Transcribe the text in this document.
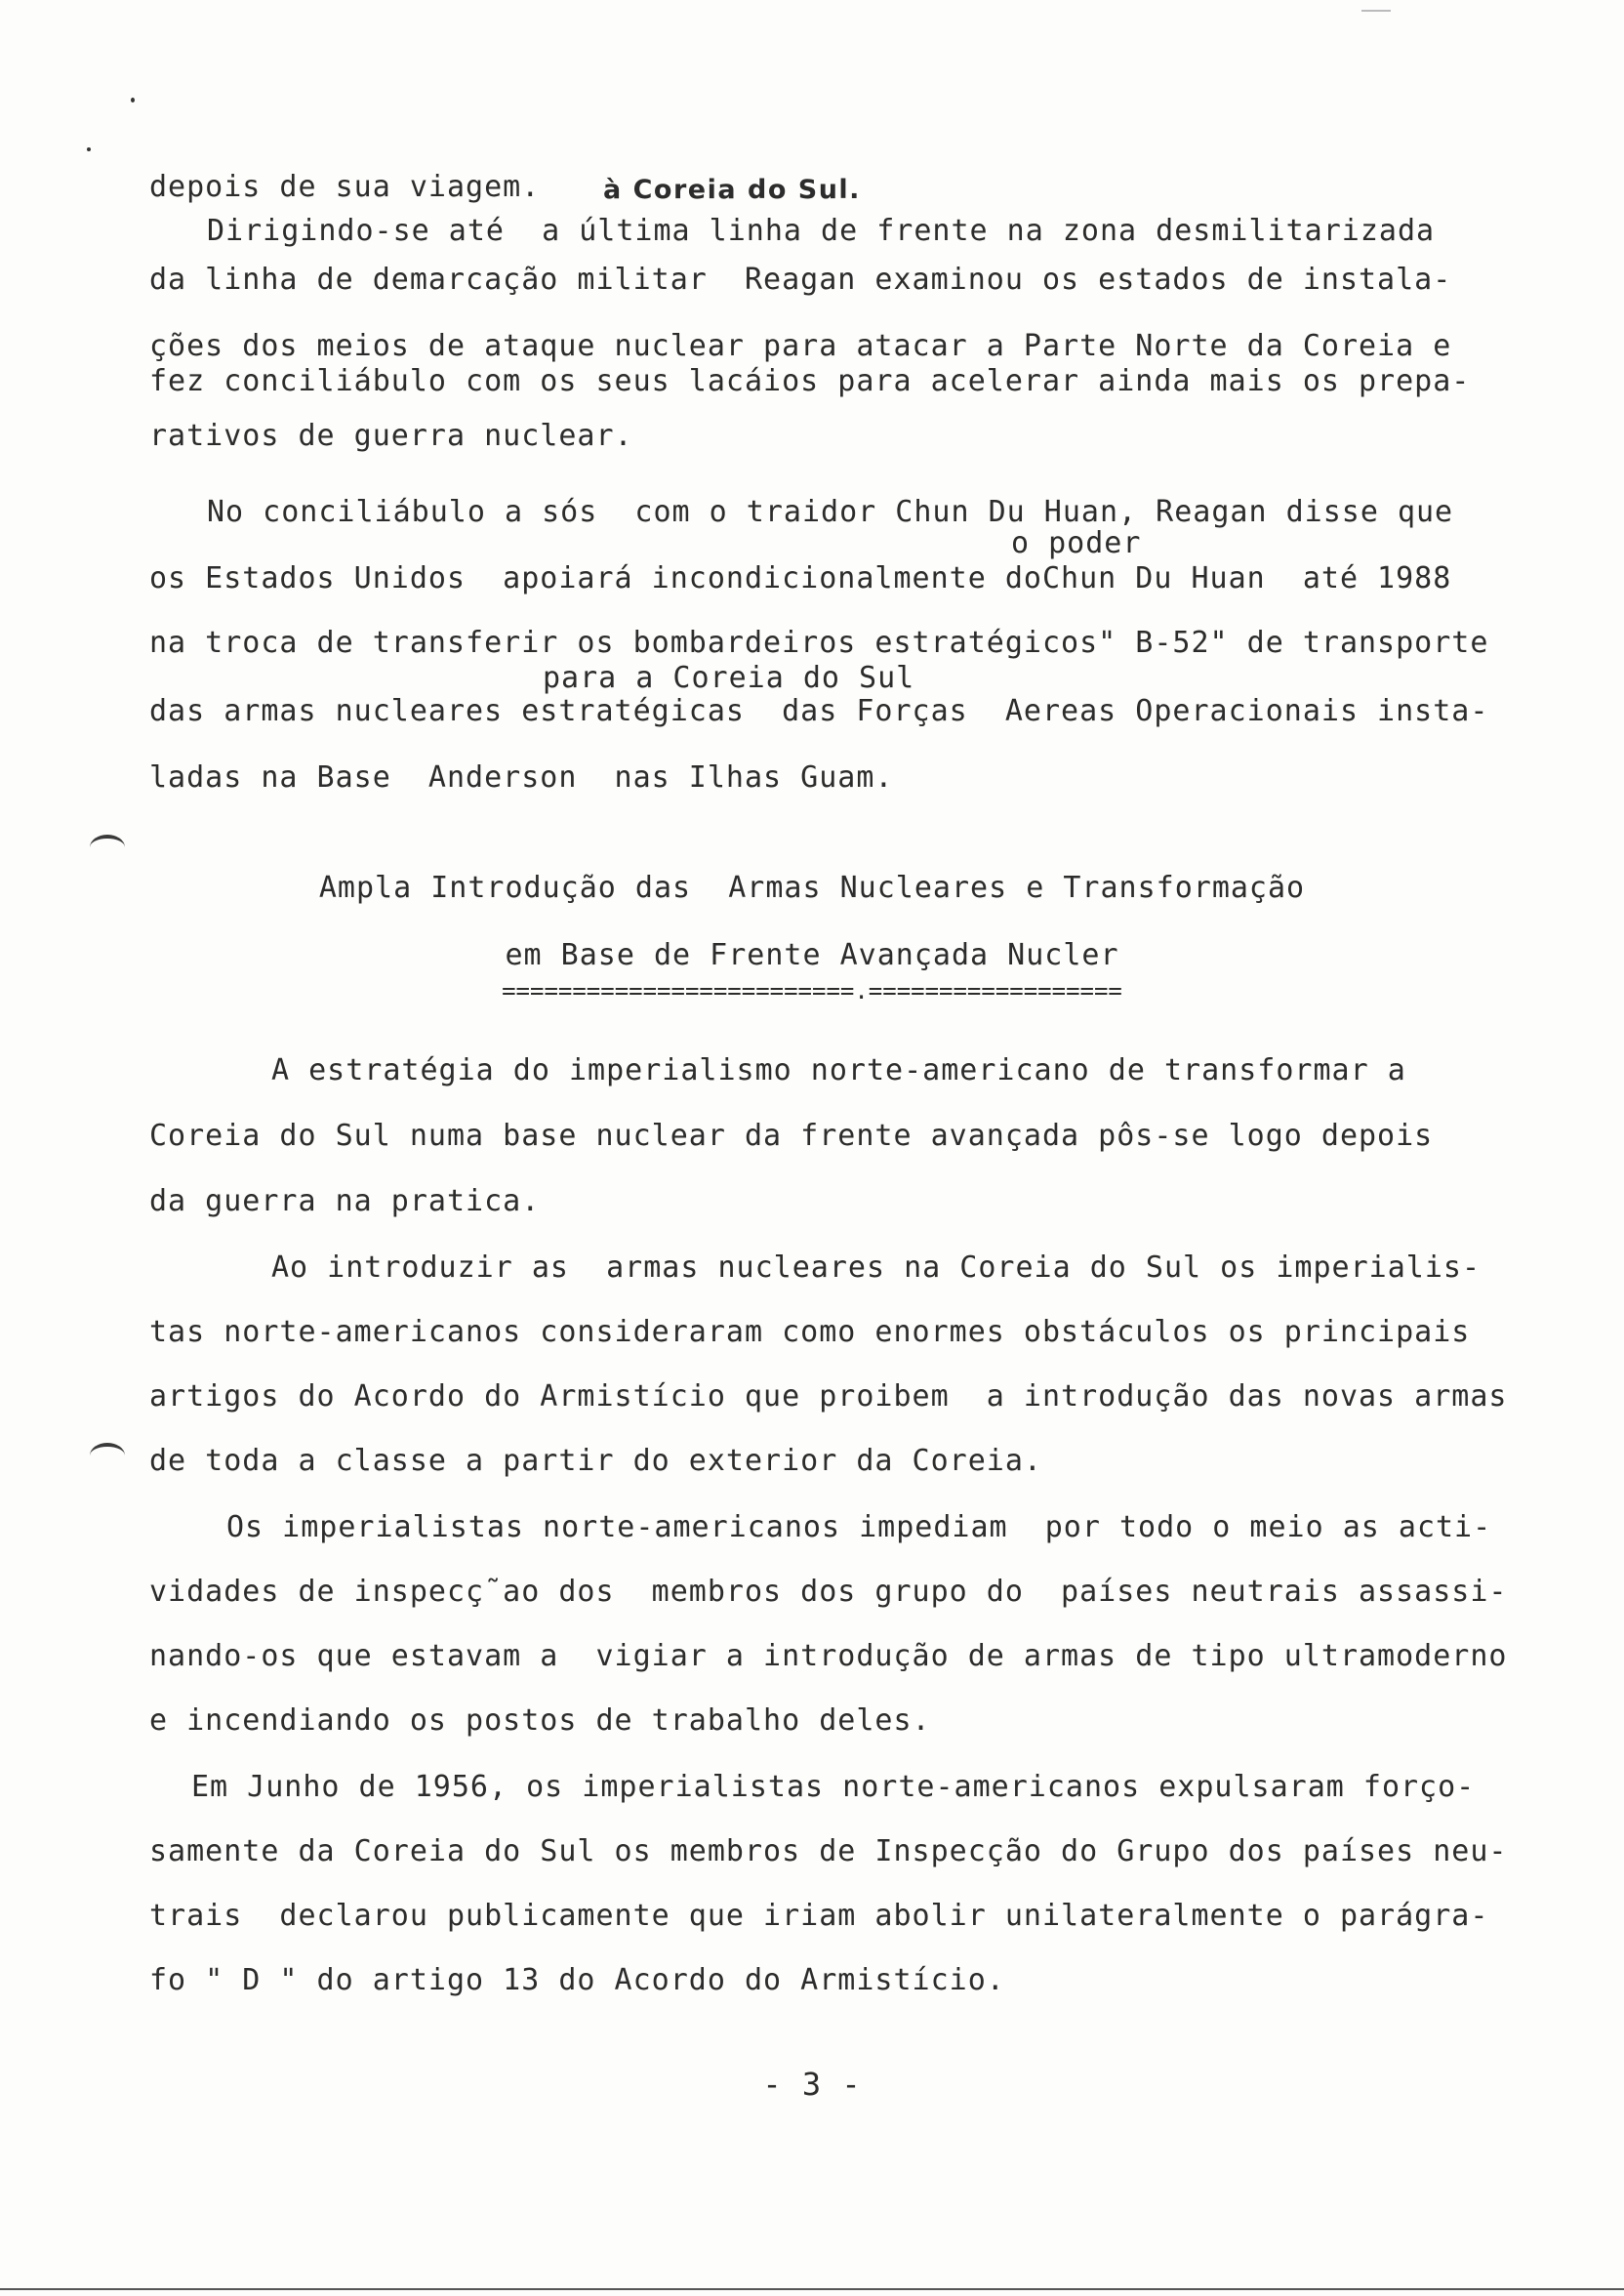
depois de sua viagem. à Coreia do Sul.
Dirigindo-se até  a última linha de frente na zona desmilitarizada
da linha de demarcação militar  Reagan examinou os estados de instala-
ções dos meios de ataque nuclear para atacar a Parte Norte da Coreia e
fez conciliábulo com os seus lacáios para acelerar ainda mais os prepa-
rativos de guerra nuclear.
No conciliábulo a sós  com o traidor Chun Du Huan, Reagan disse que
o poder
os Estados Unidos  apoiará incondicionalmente doChun Du Huan  até 1988
na troca de transferir os bombardeiros estratégicos" B-52" de transporte
para a Coreia do Sul
das armas nucleares estratégicas  das Forças  Aereas Operacionais insta-
ladas na Base  Anderson  nas Ilhas Guam.
Ampla Introdução das  Armas Nucleares e Transformação
em Base de Frente Avançada Nucler
=========================.==================
A estratégia do imperialismo norte-americano de transformar a
Coreia do Sul numa base nuclear da frente avançada pôs-se logo depois
da guerra na pratica.
Ao introduzir as  armas nucleares na Coreia do Sul os imperialis-
tas norte-americanos consideraram como enormes obstáculos os principais
artigos do Acordo do Armistício que proibem  a introdução das novas armas
de toda a classe a partir do exterior da Coreia.
Os imperialistas norte-americanos impediam  por todo o meio as acti-
vidades de inspecç˜ao dos  membros dos grupo do  países neutrais assassi-
nando-os que estavam a  vigiar a introdução de armas de tipo ultramoderno
e incendiando os postos de trabalho deles.
Em Junho de 1956, os imperialistas norte-americanos expulsaram forço-
samente da Coreia do Sul os membros de Inspecção do Grupo dos países neu-
trais  declarou publicamente que iriam abolir unilateralmente o parágra-
fo " D " do artigo 13 do Acordo do Armistício.
- 3 -
